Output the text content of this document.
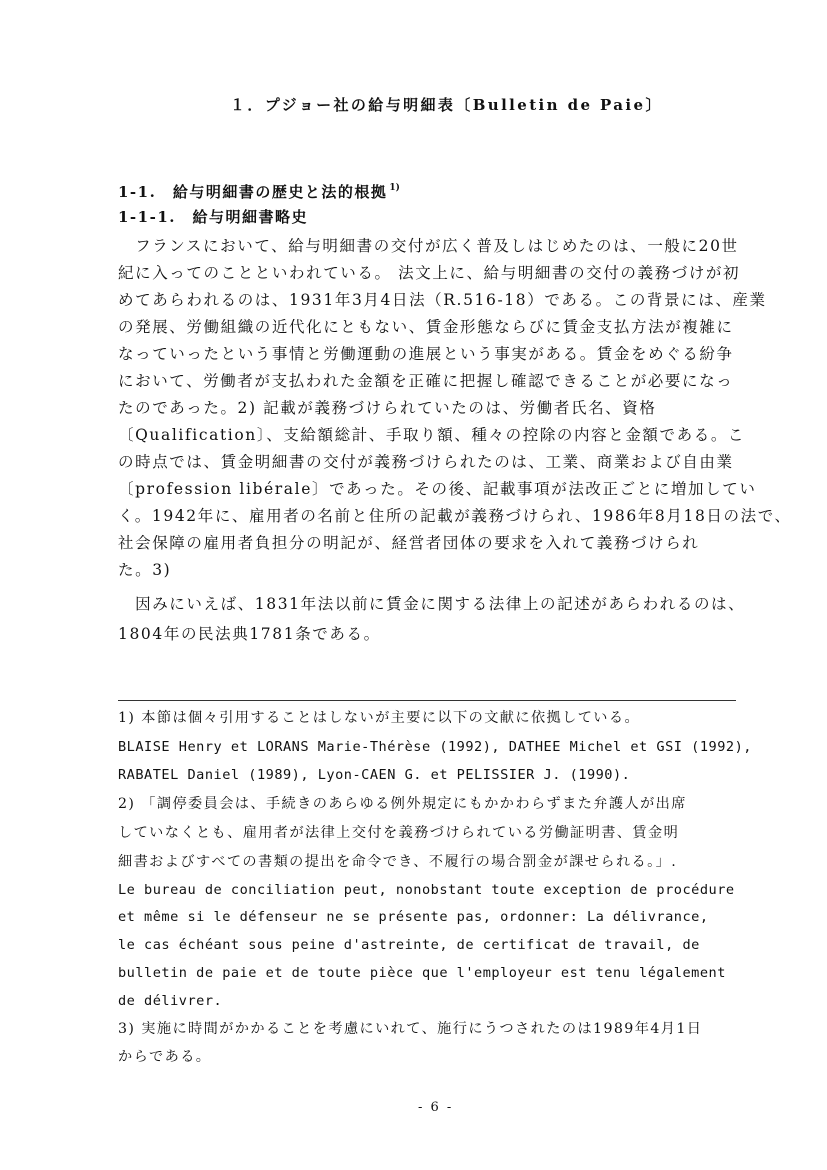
１．プジョー社の給与明細表〔Bulletin de Paie〕
1-1.　給与明細書の歴史と法的根拠 $^{1)}$
1-1-1.　給与明細書略史
　フランスにおいて、給与明細書の交付が広く普及しはじめたのは、一般に20世
紀に入ってのことといわれている。 法文上に、給与明細書の交付の義務づけが初
めてあらわれるのは、1931年3月4日法（R.516-18）である。この背景には、産業
の発展、労働組織の近代化にともない、賃金形態ならびに賃金支払方法が複雑に
なっていったという事情と労働運動の進展という事実がある。賃金をめぐる紛争
において、労働者が支払われた金額を正確に把握し確認できることが必要になっ
たのであった。2) 記載が義務づけられていたのは、労働者氏名、資格
〔Qualification〕、支給額総計、手取り額、種々の控除の内容と金額である。こ
の時点では、賃金明細書の交付が義務づけられたのは、工業、商業および自由業
〔profession libérale〕であった。その後、記載事項が法改正ごとに増加してい
く。1942年に、雇用者の名前と住所の記載が義務づけられ、1986年8月18日の法で、
社会保障の雇用者負担分の明記が、経営者団体の要求を入れて義務づけられ
た。3)
　因みにいえば、1831年法以前に賃金に関する法律上の記述があらわれるのは、
1804年の民法典1781条である。
1) 本節は個々引用することはしないが主要に以下の文献に依拠している。
BLAISE Henry et LORANS Marie-Thérèse (1992), DATHEE Michel et GSI (1992),
RABATEL Daniel (1989), Lyon-CAEN G. et PELISSIER J. (1990).
2) 「調停委員会は、手続きのあらゆる例外規定にもかかわらずまた弁護人が出席
していなくとも、雇用者が法律上交付を義務づけられている労働証明書、賃金明
細書およびすべての書類の提出を命令でき、不履行の場合罰金が課せられる。」.
Le bureau de conciliation peut, nonobstant toute exception de procédure
et même si le défenseur ne se présente pas, ordonner: La délivrance,
le cas échéant sous peine d'astreinte, de certificat de travail, de
bulletin de paie et de toute pièce que l'employeur est tenu légalement
de délivrer.
3) 実施に時間がかかることを考慮にいれて、施行にうつされたのは1989年4月1日
からである。
- 6 -
